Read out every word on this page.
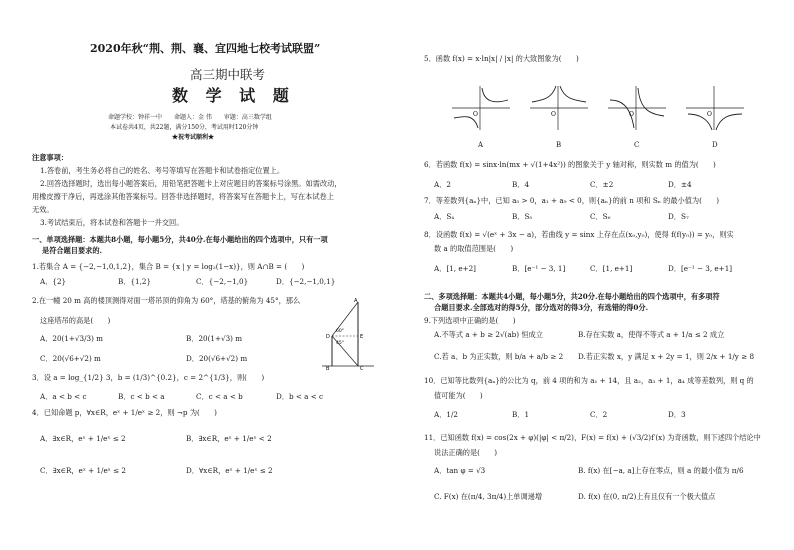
2020年秋“荆、荆、襄、宜四地七校考试联盟”
高三期中联考
数 学 试 题
命题学校：钟祥一中　　命题人：金 伟　　审题：高三数学组
本试卷共4页，共22题，满分150分，考试用时120分钟
★祝考试顺利★
注意事项：
1.答卷前，考生务必将自己的姓名、考号等填写在答题卡和试卷指定位置上。
2.回答选择题时，选出每小题答案后，用铅笔把答题卡上对应题目的答案标号涂黑。如需改动，
用橡皮擦干净后，再选涂其他答案标号。回答非选择题时，将答案写在答题卡上，写在本试卷上
无效。
3.考试结束后，将本试卷和答题卡一并交回。
一、单项选择题：本题共8小题，每小题5分，共40分.在每小题给出的四个选项中，只有一项
是符合题目要求的.
1.若集合 A = {−2,−1,0,1,2}，集合 B = {x | y = log₂(1−x)}，则 A∩B = (　　)
A．{2}	B．{1,2}	C．{−2,−1,0}	D．{−2,−1,0,1}
2.在一幢 20 m 高的楼顶测得对面一塔吊顶的仰角为 60°，塔基的俯角为 45°，那么
这座塔吊的高是(　　)
A．20(1+√3/3) m	B．20(1+√3) m
C．20(√6+√2) m	D．20(√6+√2) m
A
B	C
D	E
60°
45°
3．设 a = log_{1/2} 3，b = (1/3)^{0.2}，c = 2^{1/3}，则(　　)
A．a < b < c	B．c < b < a	C．c < a < b	D．b < a < c
4．已知命题 p，∀x∈R，eˣ + 1/eˣ ≥ 2，则 ¬p 为(　　)
A．∃x∈R，eˣ + 1/eˣ ≤ 2	B．∃x∈R，eˣ + 1/eˣ < 2
C．∃x∈R，eˣ + 1/eˣ ≤ 2	D．∀x∈R，eˣ + 1/eˣ ≤ 2
5．函数 f(x) = x·ln|x| / |x| 的大致图象为(　　)
O	O	O	O
A	B	C	D
6．若函数 f(x) = sinx·ln(mx + √(1+4x²)) 的图象关于 y 轴对称，则实数 m 的值为(　　)
A．2	B．4	C．±2	D．±4
7．等差数列{aₙ}中，已知 a₅ > 0，a₁ + a₉ < 0，则{aₙ}的前 n 项和 Sₙ 的最小值为(　　)
A．S₄	B．S₅	C．S₆	D．S₇
8．设函数 f(x) = √(eˣ + 3x − a)，若曲线 y = sinx 上存在点(x₀,y₀)，使得 f(f(y₀)) = y₀，则实
数 a 的取值范围是(　　)
A．[1, e+2]	B．[e⁻¹ − 3, 1]	C．[1, e+1]	D．[e⁻¹ − 3, e+1]
二、多项选择题：本题共4小题，每小题5分，共20分.在每小题给出的四个选项中，有多项符
合题目要求.全部选对的得5分，部分选对的得3分，有选错的得0分.
9.下列选项中正确的是(　　)
A.不等式 a + b ≥ 2√(ab) 恒成立	B.存在实数 a，使得不等式 a + 1/a ≤ 2 成立
C.若 a、b 为正实数，则 b/a + a/b ≥ 2 D.若正实数 x，y 满足 x + 2y = 1，则 2/x + 1/y ≥ 8
10．已知等比数列{aₙ}的公比为 q，前 4 项的和为 a₁ + 14，且 a₂，a₃ + 1，a₄ 成等差数列，则 q 的
值可能为(　　)
A．1/2	B．1	C．2	D．3
11．已知函数 f(x) = cos(2x + φ)(|φ| < π/2)，F(x) = f(x) + (√3/2)f′(x) 为奇函数，则下述四个结论中
说法正确的是(　　)
A．tan φ = √3	B. f(x) 在[−a, a]上存在零点，则 a 的最小值为 π/6
C. F(x) 在(π/4, 3π/4)上单调递增	D. f(x) 在(0, π/2)上有且仅有一个极大值点
